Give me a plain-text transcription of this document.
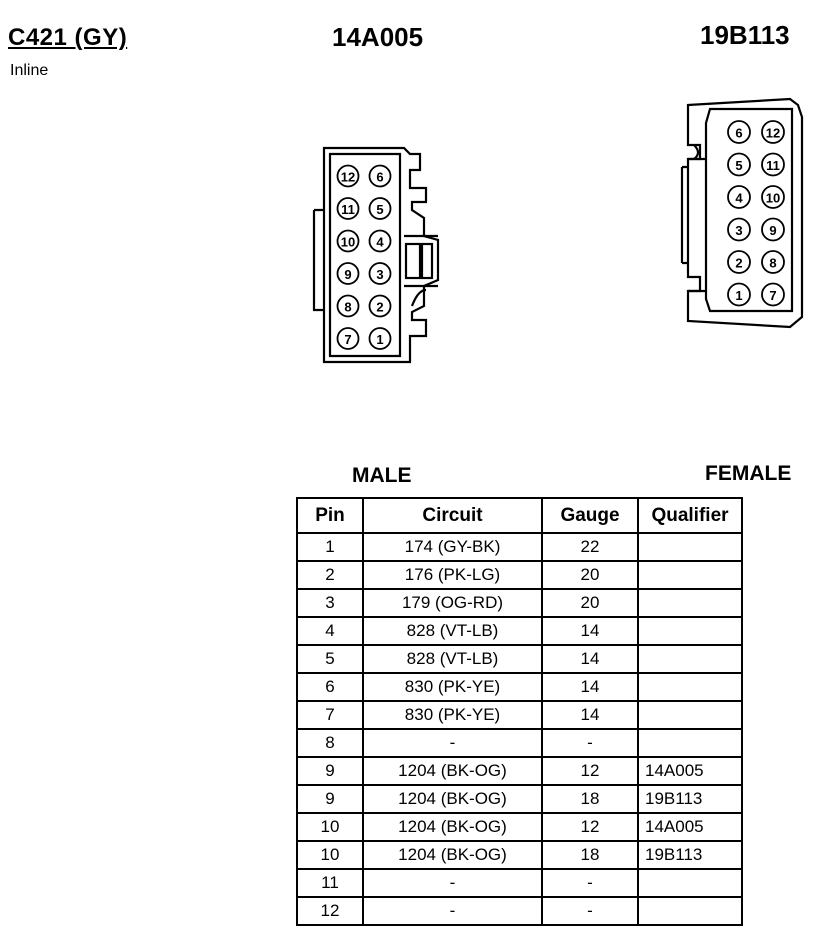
C421 (GY)
Inline
14A005	19B113
12 6
11 5
10 4
9 3
8 2
7 1
6 12
5 11
4 10
3 9
2 8
1 7
MALE	FEMALE
Pin	Circuit	Gauge	Qualifier
1	174 (GY-BK)	22	
2	176 (PK-LG)	20	
3	179 (OG-RD)	20	
4	828 (VT-LB)	14	
5	828 (VT-LB)	14	
6	830 (PK-YE)	14	
7	830 (PK-YE)	14	
8	-	-	
9	1204 (BK-OG)	12	14A005
9	1204 (BK-OG)	18	19B113
10	1204 (BK-OG)	12	14A005
10	1204 (BK-OG)	18	19B113
11	-	-	
12	-	-	
